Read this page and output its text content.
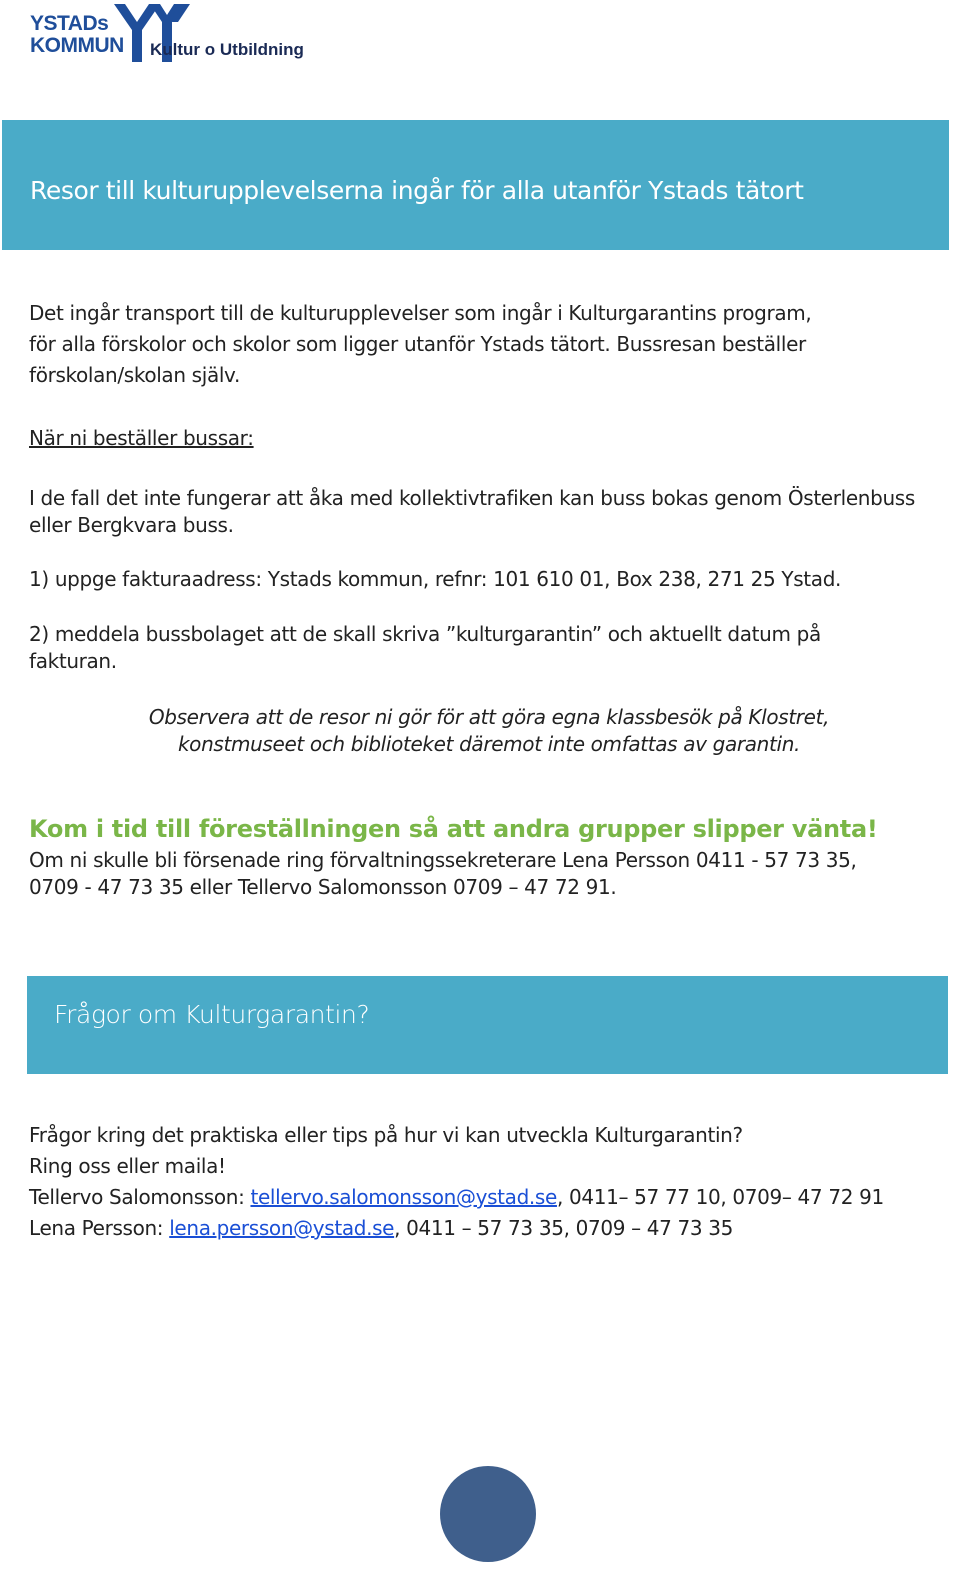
YSTADs
KOMMUN Kultur o Utbildning
Resor till kulturupplevelserna ingår för alla utanför Ystads tätort
Det ingår transport till de kulturupplevelser som ingår i Kulturgarantins program,
för alla förskolor och skolor som ligger utanför Ystads tätort. Bussresan beställer
förskolan/skolan själv.
När ni beställer bussar:
I de fall det inte fungerar att åka med kollektivtrafiken kan buss bokas genom Österlenbuss
eller Bergkvara buss.
1) uppge fakturaadress: Ystads kommun, refnr: 101 610 01, Box 238, 271 25 Ystad.
2) meddela bussbolaget att de skall skriva ”kulturgarantin” och aktuellt datum på
fakturan.
Observera att de resor ni gör för att göra egna klassbesök på Klostret,
konstmuseet och biblioteket däremot inte omfattas av garantin.
Kom i tid till föreställningen så att andra grupper slipper vänta!
Om ni skulle bli försenade ring förvaltningssekreterare Lena Persson 0411 - 57 73 35,
0709 - 47 73 35 eller Tellervo Salomonsson 0709 – 47 72 91.
Frågor om Kulturgarantin?
Frågor kring det praktiska eller tips på hur vi kan utveckla Kulturgarantin?
Ring oss eller maila!
Tellervo Salomonsson: tellervo.salomonsson@ystad.se, 0411– 57 77 10, 0709– 47 72 91
Lena Persson: lena.persson@ystad.se, 0411 – 57 73 35, 0709 – 47 73 35
